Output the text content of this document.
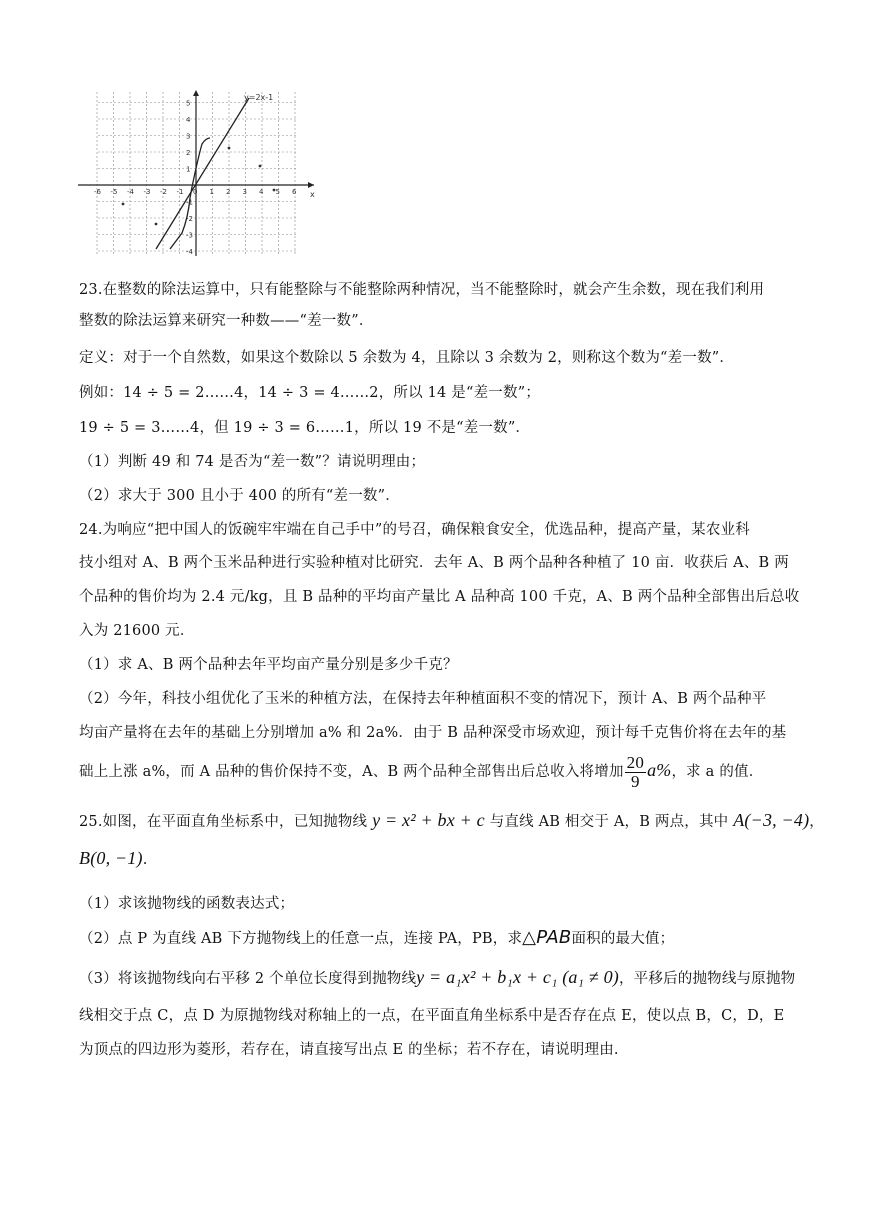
-6 -5 -4 -3 -2 -1 0 1 2 3 4 5 6
5
4
3
2
1
-1
-2
-3
-4
x
y=2x-1
23.在整数的除法运算中，只有能整除与不能整除两种情况，当不能整除时，就会产生余数，现在我们利用
整数的除法运算来研究一种数——“差一数”．
定义：对于一个自然数，如果这个数除以 5 余数为 4，且除以 3 余数为 2，则称这个数为“差一数”．
例如：14 ÷ 5 = 2……4，14 ÷ 3 = 4……2，所以 14 是“差一数”；
19 ÷ 5 = 3……4，但 19 ÷ 3 = 6……1，所以 19 不是“差一数”．
（1）判断 49 和 74 是否为“差一数”？请说明理由；
（2）求大于 300 且小于 400 的所有“差一数”．
24.为响应“把中国人的饭碗牢牢端在自己手中”的号召，确保粮食安全，优选品种，提高产量，某农业科
技小组对 A、B 两个玉米品种进行实验种植对比研究．去年 A、B 两个品种各种植了 10 亩．收获后 A、B 两
个品种的售价均为 2.4 元/kg，且 B 品种的平均亩产量比 A 品种高 100 千克，A、B 两个品种全部售出后总收
入为 21600 元．
（1）求 A、B 两个品种去年平均亩产量分别是多少千克？
（2）今年，科技小组优化了玉米的种植方法，在保持去年种植面积不变的情况下，预计 A、B 两个品种平
均亩产量将在去年的基础上分别增加 a% 和 2a%．由于 B 品种深受市场欢迎，预计每千克售价将在去年的基
础上上涨 a%，而 A 品种的售价保持不变，A、B 两个品种全部售出后总收入将增加 $\frac{20}{9} a\%$，求 a 的值．
25.如图，在平面直角坐标系中，已知抛物线 y = x² + bx + c 与直线 AB 相交于 A，B 两点，其中 A(−3, −4)，
B(0, −1).
（1）求该抛物线的函数表达式；
（2）点 P 为直线 AB 下方抛物线上的任意一点，连接 PA，PB，求△PAB面积的最大值；
（3）将该抛物线向右平移 2 个单位长度得到抛物线y = a₁x² + b₁x + c₁ (a₁ ≠ 0)，平移后的抛物线与原抛物
线相交于点 C，点 D 为原抛物线对称轴上的一点，在平面直角坐标系中是否存在点 E，使以点 B，C，D，E
为顶点的四边形为菱形，若存在，请直接写出点 E 的坐标；若不存在，请说明理由.
